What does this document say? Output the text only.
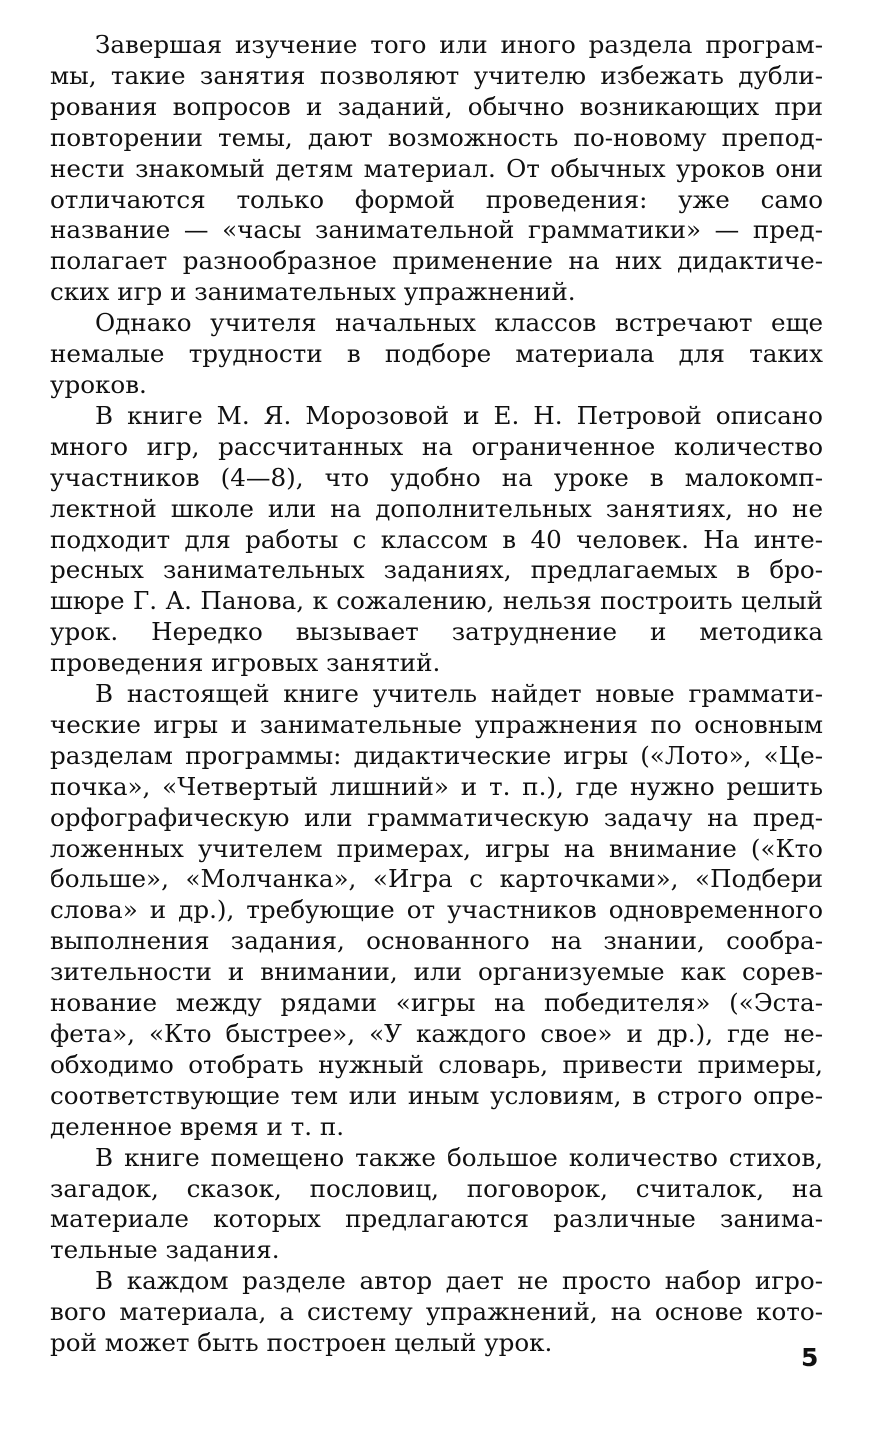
Завершая изучение того или иного раздела программы, такие занятия позволяют учителю избежать дублирования вопросов и заданий, обычно возникающих при повторении темы, дают возможность по-новому преподнести знакомый детям материал. От обычных уроков они отличаются только формой проведения: уже само название — «часы занимательной грамматики» — предполагает разнообразное применение на них дидактических игр и занимательных упражнений.

Однако учителя начальных классов встречают еще немалые трудности в подборе материала для таких уроков.

В книге М. Я. Морозовой и Е. Н. Петровой описано много игр, рассчитанных на ограниченное количество участников (4—8), что удобно на уроке в малокомплектной школе или на дополнительных занятиях, но не подходит для работы с классом в 40 человек. На интересных занимательных заданиях, предлагаемых в брошюре Г. А. Панова, к сожалению, нельзя построить целый урок. Нередко вызывает затруднение и методика проведения игровых занятий.

В настоящей книге учитель найдет новые грамматические игры и занимательные упражнения по основным разделам программы: дидактические игры («Лото», «Цепочка», «Четвертый лишний» и т. п.), где нужно решить орфографическую или грамматическую задачу на предложенных учителем примерах, игры на внимание («Кто больше», «Молчанка», «Игра с карточками», «Подбери слова» и др.), требующие от участников одновременного выполнения задания, основанного на знании, сообразительности и внимании, или организуемые как соревнование между рядами «игры на победителя» («Эстафета», «Кто быстрее», «У каждого свое» и др.), где необходимо отобрать нужный словарь, привести примеры, соответствующие тем или иным условиям, в строго определенное время и т. п.

В книге помещено также большое количество стихов, загадок, сказок, пословиц, поговорок, считалок, на материале которых предлагаются различные занимательные задания.

В каждом разделе автор дает не просто набор игрового материала, а систему упражнений, на основе которой может быть построен целый урок.

5
